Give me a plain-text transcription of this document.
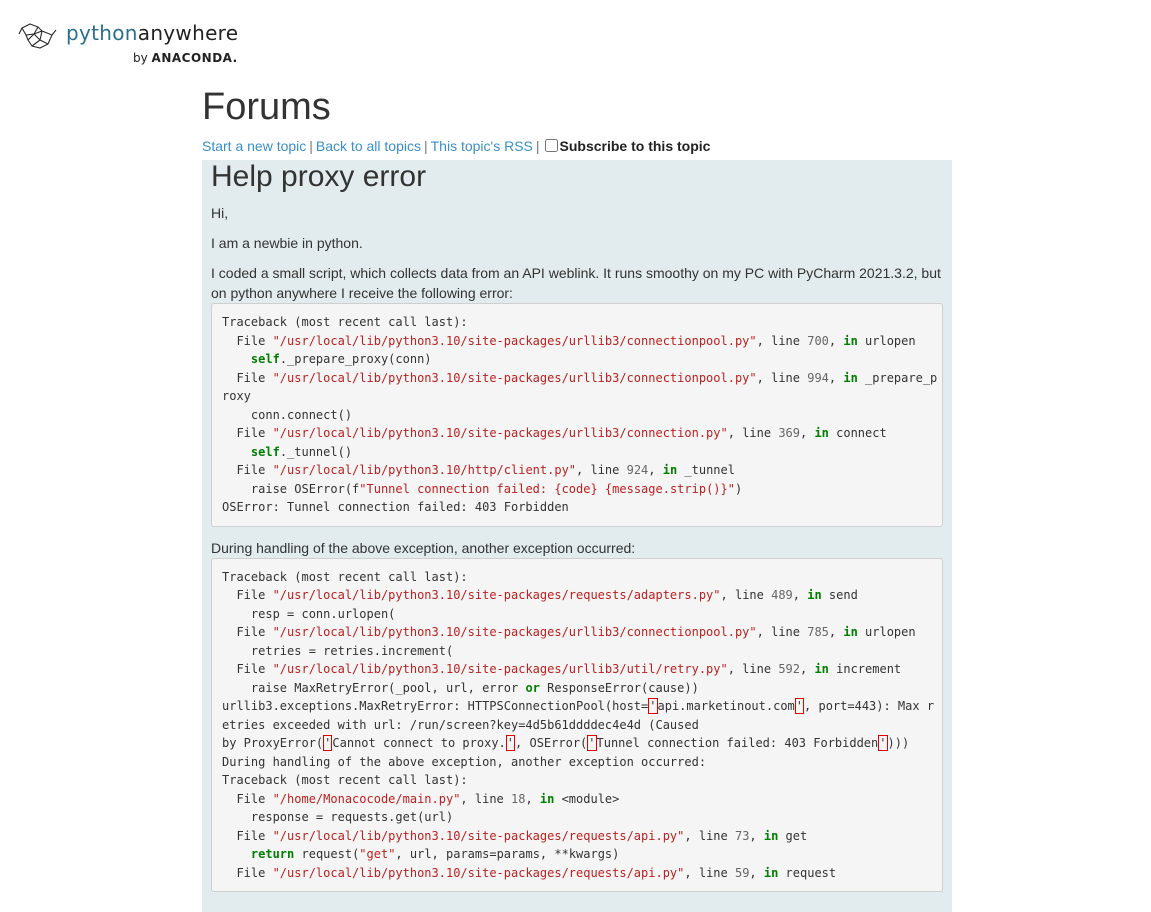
pythonanywhere
by ANACONDA.
Forums
Start a new topic | Back to all topics | This topic's RSS | Subscribe to this topic
Help proxy error

Hi,

I am a newbie in python.

I coded a small script, which collects data from an API weblink. It runs smoothy on my PC with PyCharm 2021.3.2, but on python anywhere I receive the following error:

Traceback (most recent call last):
File "/usr/local/lib/python3.10/site-packages/urllib3/connectionpool.py", line 700, in urlopen
self._prepare_proxy(conn)
File "/usr/local/lib/python3.10/site-packages/urllib3/connectionpool.py", line 994, in _prepare_p
roxy
conn.connect()
File "/usr/local/lib/python3.10/site-packages/urllib3/connection.py", line 369, in connect
self._tunnel()
File "/usr/local/lib/python3.10/http/client.py", line 924, in _tunnel
raise OSError(f"Tunnel connection failed: {code} {message.strip()}")
OSError: Tunnel connection failed: 403 Forbidden

During handling of the above exception, another exception occurred:

Traceback (most recent call last):
File "/usr/local/lib/python3.10/site-packages/requests/adapters.py", line 489, in send
resp = conn.urlopen(
File "/usr/local/lib/python3.10/site-packages/urllib3/connectionpool.py", line 785, in urlopen
retries = retries.increment(
File "/usr/local/lib/python3.10/site-packages/urllib3/util/retry.py", line 592, in increment
raise MaxRetryError(_pool, url, error or ResponseError(cause))
urllib3.exceptions.MaxRetryError: HTTPSConnectionPool(host='api.marketinout.com', port=443): Max r
etries exceeded with url: /run/screen?key=4d5b61ddddec4e4d (Caused
by ProxyError('Cannot connect to proxy.', OSError('Tunnel connection failed: 403 Forbidden')))
During handling of the above exception, another exception occurred:
Traceback (most recent call last):
File "/home/Monacocode/main.py", line 18, in <module>
response = requests.get(url)
File "/usr/local/lib/python3.10/site-packages/requests/api.py", line 73, in get
return request("get", url, params=params, **kwargs)
File "/usr/local/lib/python3.10/site-packages/requests/api.py", line 59, in request
